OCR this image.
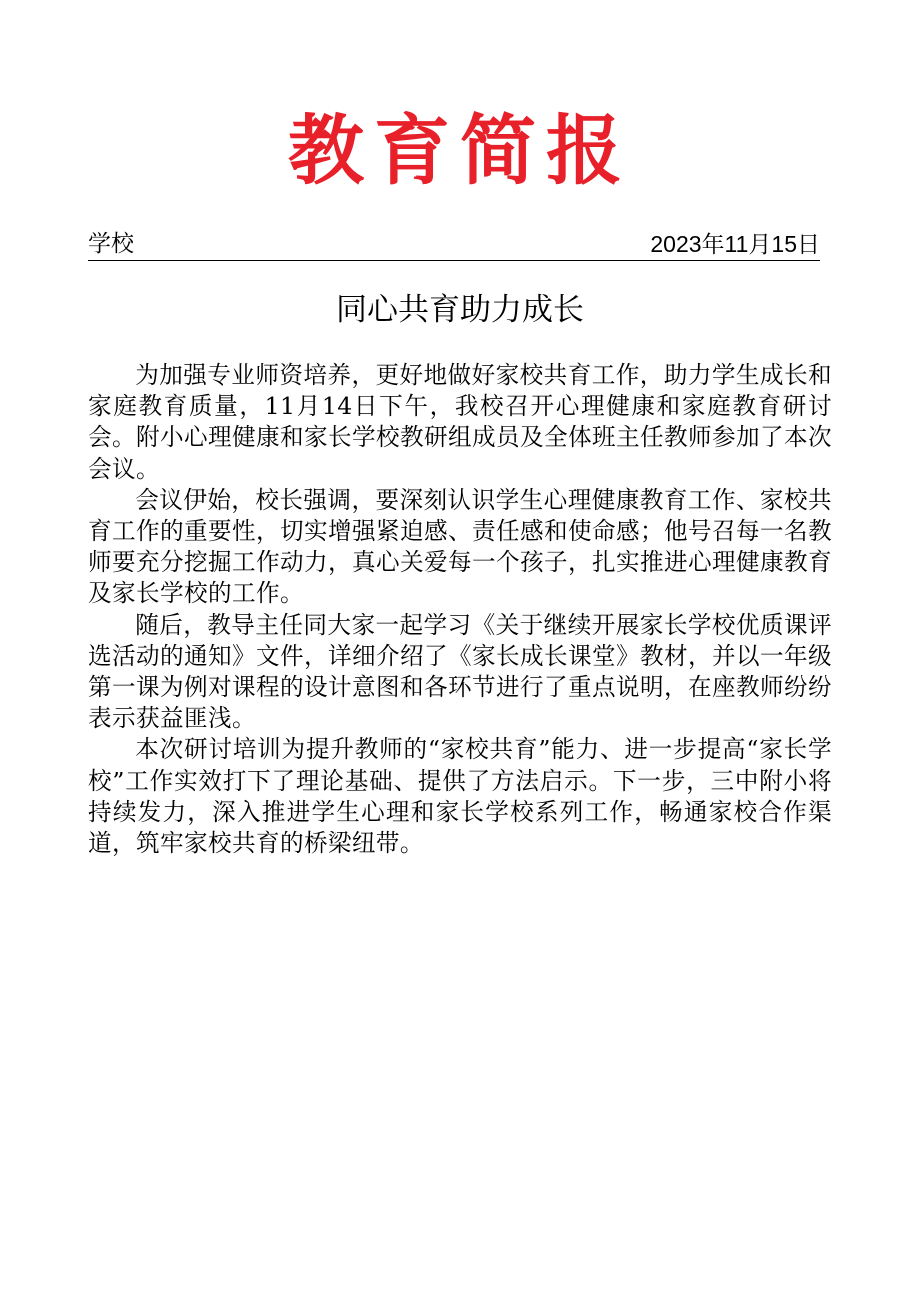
教育简报
学校	2023年11月15日
同心共育助力成长

为加强专业师资培养，更好地做好家校共育工作，助力学生成长和家庭教育质量，11月14日下午，我校召开心理健康和家庭教育研讨会。附小心理健康和家长学校教研组成员及全体班主任教师参加了本次会议。

会议伊始，校长强调，要深刻认识学生心理健康教育工作、家校共育工作的重要性，切实增强紧迫感、责任感和使命感；他号召每一名教师要充分挖掘工作动力，真心关爱每一个孩子，扎实推进心理健康教育及家长学校的工作。

随后，教导主任同大家一起学习《关于继续开展家长学校优质课评选活动的通知》文件，详细介绍了《家长成长课堂》教材，并以一年级第一课为例对课程的设计意图和各环节进行了重点说明，在座教师纷纷表示获益匪浅。

本次研讨培训为提升教师的“家校共育”能力、进一步提高“家长学校”工作实效打下了理论基础、提供了方法启示。下一步，三中附小将持续发力，深入推进学生心理和家长学校系列工作，畅通家校合作渠道，筑牢家校共育的桥梁纽带。
